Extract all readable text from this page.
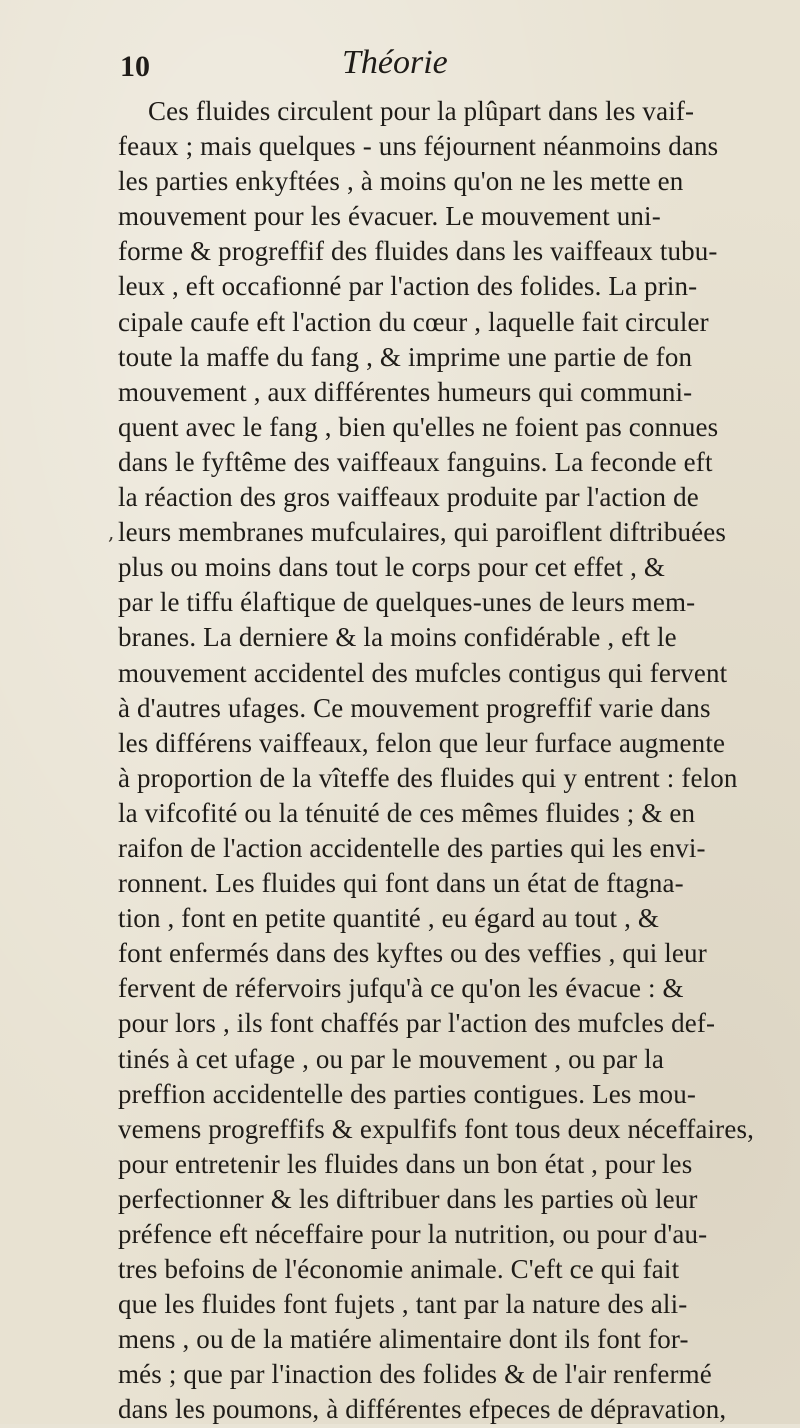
10	Théorie
,
Ces fluides circulent pour la plûpart dans les vaif-
feaux ; mais quelques - uns féjournent néanmoins dans
les parties enkyftées , à moins qu'on ne les mette en
mouvement pour les évacuer. Le mouvement uni-
forme & progreffif des fluides dans les vaiffeaux tubu-
leux , eft occafionné par l'action des folides. La prin-
cipale caufe eft l'action du cœur , laquelle fait circuler
toute la maffe du fang , & imprime une partie de fon
mouvement , aux différentes humeurs qui communi-
quent avec le fang , bien qu'elles ne foient pas connues
dans le fyftême des vaiffeaux fanguins. La feconde eft
la réaction des gros vaiffeaux produite par l'action de
leurs membranes mufculaires, qui paroiflent diftribuées
plus ou moins dans tout le corps pour cet effet , &
par le tiffu élaftique de quelques-unes de leurs mem-
branes. La derniere & la moins confidérable , eft le
mouvement accidentel des mufcles contigus qui fervent
à d'autres ufages. Ce mouvement progreffif varie dans
les différens vaiffeaux, felon que leur furface augmente
à proportion de la vîteffe des fluides qui y entrent : felon
la vifcofité ou la ténuité de ces mêmes fluides ; & en
raifon de l'action accidentelle des parties qui les envi-
ronnent. Les fluides qui font dans un état de ftagna-
tion , font en petite quantité , eu égard au tout , &
font enfermés dans des kyftes ou des veffies , qui leur
fervent de réfervoirs jufqu'à ce qu'on les évacue : &
pour lors , ils font chaffés par l'action des mufcles def-
tinés à cet ufage , ou par le mouvement , ou par la
preffion accidentelle des parties contigues. Les mou-
vemens progreffifs & expulfifs font tous deux néceffaires,
pour entretenir les fluides dans un bon état , pour les
perfectionner & les diftribuer dans les parties où leur
préfence eft néceffaire pour la nutrition, ou pour d'au-
tres befoins de l'économie animale. C'eft ce qui fait
que les fluides font fujets , tant par la nature des ali-
mens , ou de la matiére alimentaire dont ils font for-
més ; que par l'inaction des folides & de l'air renfermé
dans les poumons, à différentes efpeces de dépravation,
